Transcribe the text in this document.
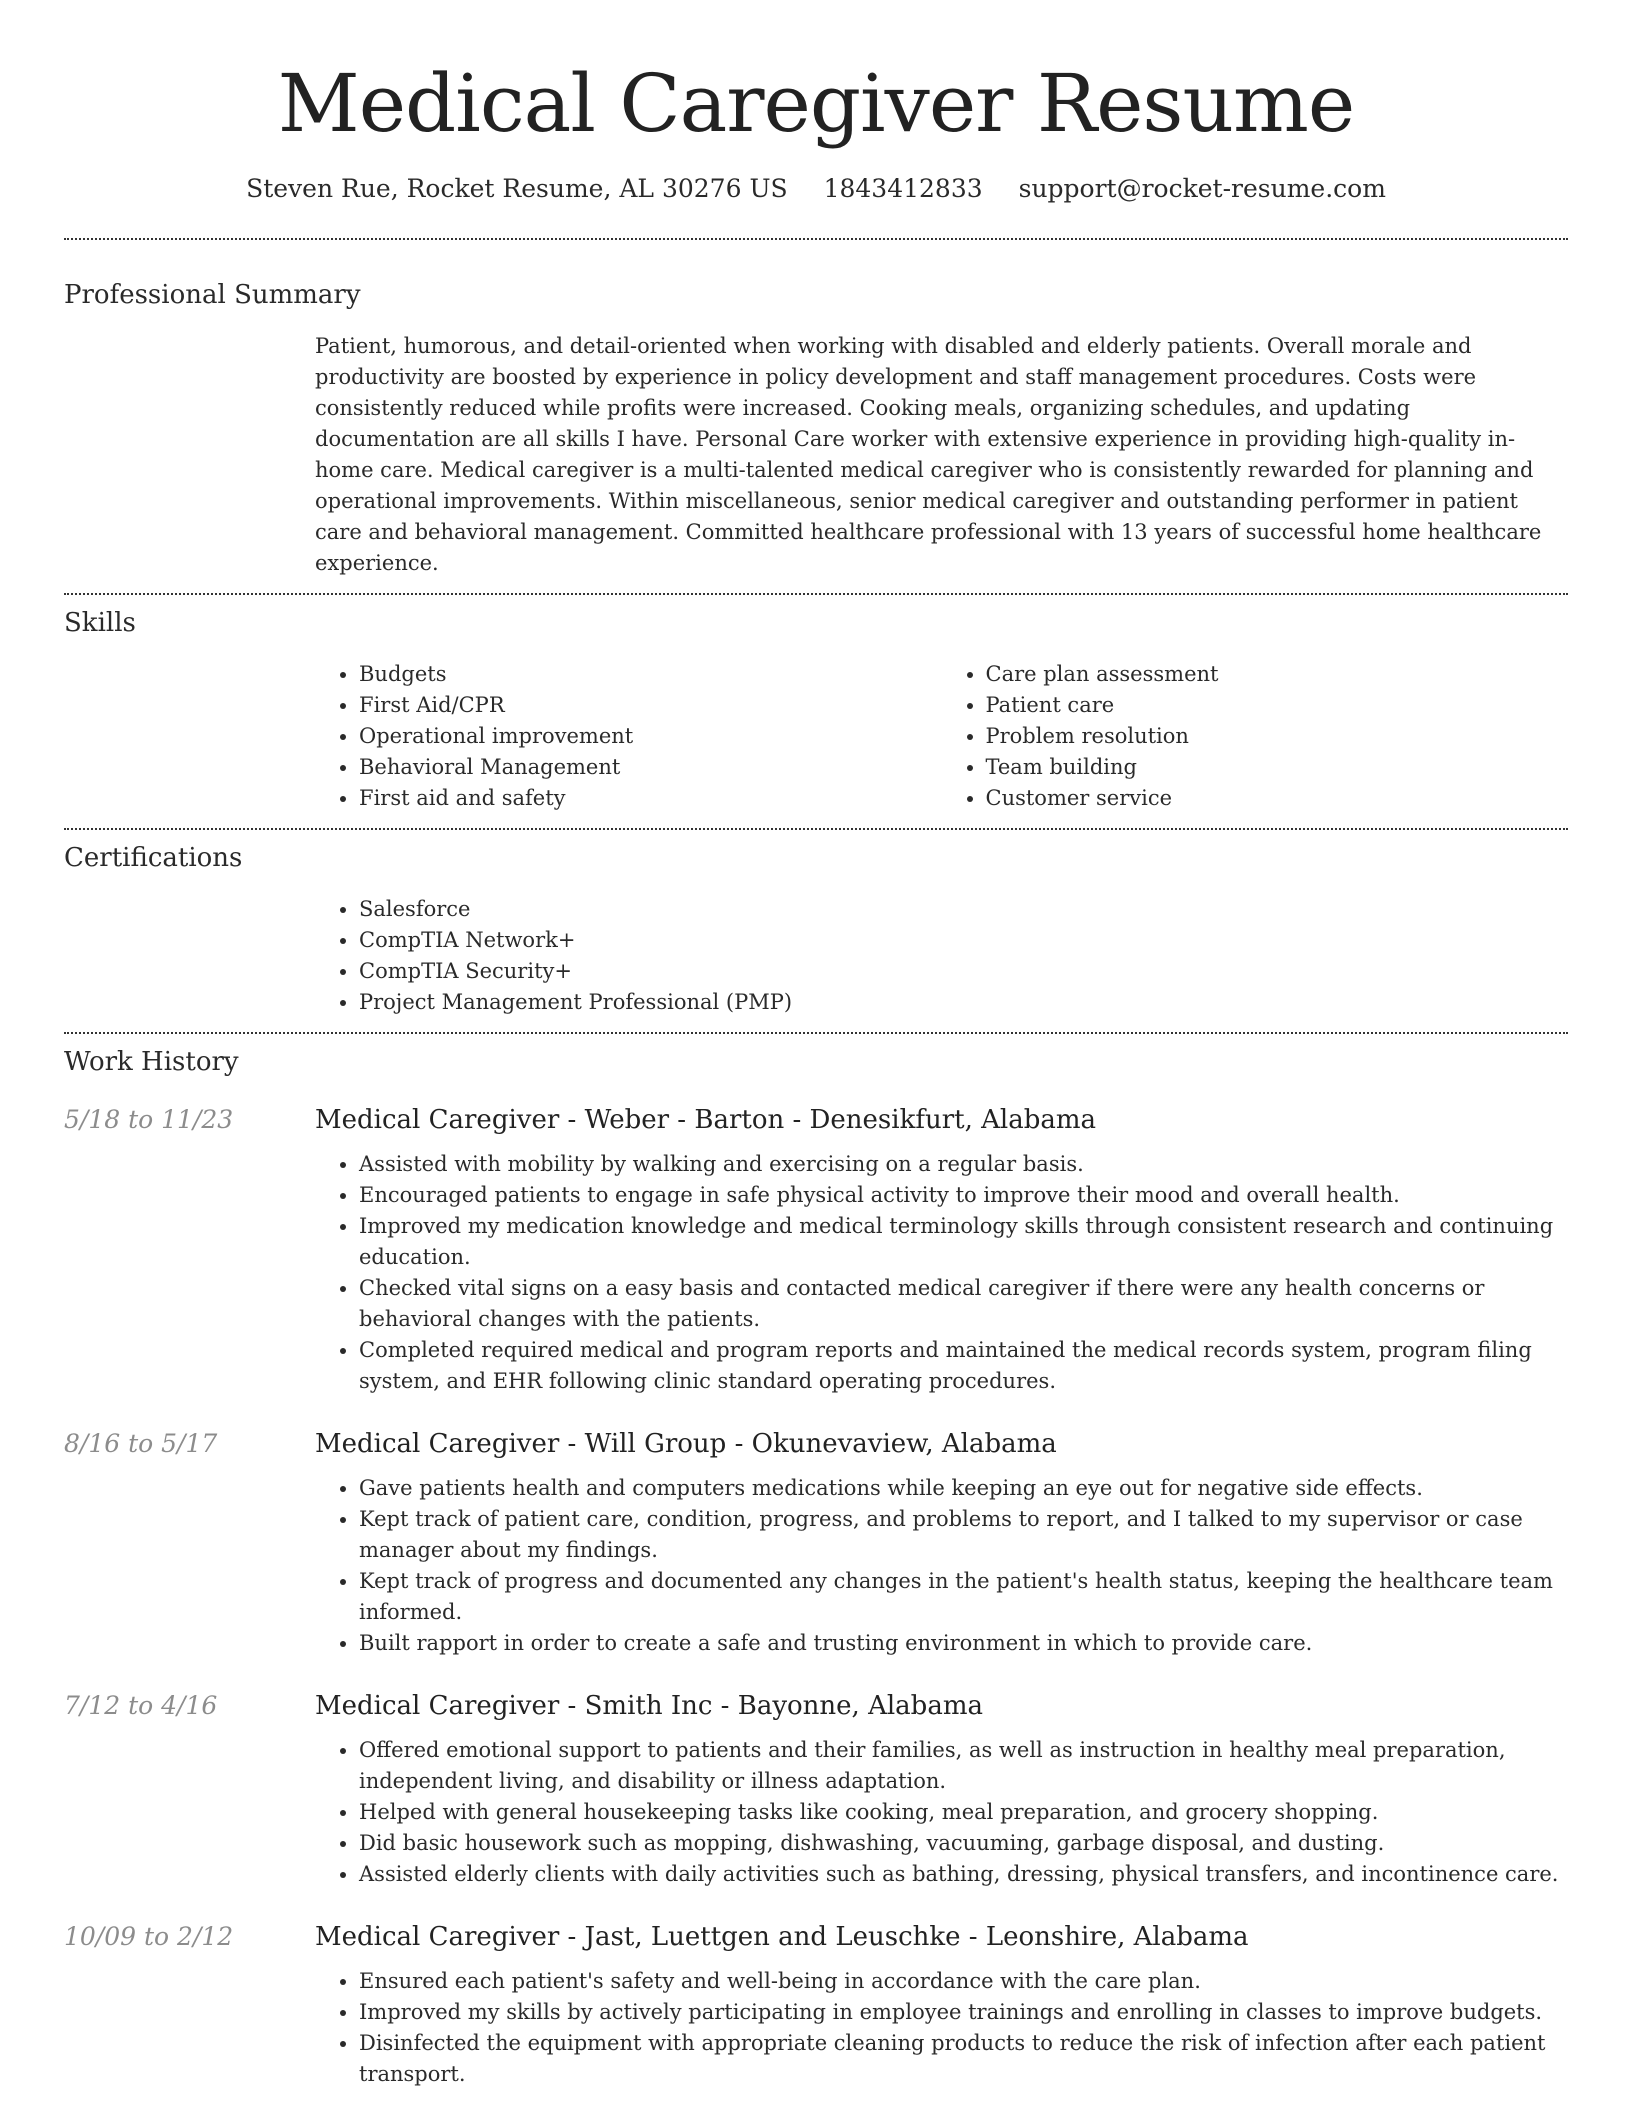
Medical Caregiver Resume
Steven Rue, Rocket Resume, AL 30276 US 1843412833 support@rocket-resume.com
Professional Summary

Patient, humorous, and detail-oriented when working with disabled and elderly patients. Overall morale and productivity are boosted by experience in policy development and staff management procedures. Costs were consistently reduced while profits were increased. Cooking meals, organizing schedules, and updating documentation are all skills I have. Personal Care worker with extensive experience in providing high-quality in-home care. Medical caregiver is a multi-talented medical caregiver who is consistently rewarded for planning and operational improvements. Within miscellaneous, senior medical caregiver and outstanding performer in patient care and behavioral management. Committed healthcare professional with 13 years of successful home healthcare experience.

Skills
• Budgets
• First Aid/CPR
• Operational improvement
• Behavioral Management
• First aid and safety
• Care plan assessment
• Patient care
• Problem resolution
• Team building
• Customer service
Certifications
• Salesforce
• CompTIA Network+
• CompTIA Security+
• Project Management Professional (PMP)
Work History
5/18 to 11/23	Medical Caregiver - Weber - Barton - Denesikfurt, Alabama
• Assisted with mobility by walking and exercising on a regular basis.
• Encouraged patients to engage in safe physical activity to improve their mood and overall health.
• Improved my medication knowledge and medical terminology skills through consistent research and continuing education.
• Checked vital signs on a easy basis and contacted medical caregiver if there were any health concerns or behavioral changes with the patients.
• Completed required medical and program reports and maintained the medical records system, program filing system, and EHR following clinic standard operating procedures.
8/16 to 5/17	Medical Caregiver - Will Group - Okunevaview, Alabama
• Gave patients health and computers medications while keeping an eye out for negative side effects.
• Kept track of patient care, condition, progress, and problems to report, and I talked to my supervisor or case manager about my findings.
• Kept track of progress and documented any changes in the patient's health status, keeping the healthcare team informed.
• Built rapport in order to create a safe and trusting environment in which to provide care.
7/12 to 4/16	Medical Caregiver - Smith Inc - Bayonne, Alabama
• Offered emotional support to patients and their families, as well as instruction in healthy meal preparation, independent living, and disability or illness adaptation.
• Helped with general housekeeping tasks like cooking, meal preparation, and grocery shopping.
• Did basic housework such as mopping, dishwashing, vacuuming, garbage disposal, and dusting.
• Assisted elderly clients with daily activities such as bathing, dressing, physical transfers, and incontinence care.
10/09 to 2/12	Medical Caregiver - Jast, Luettgen and Leuschke - Leonshire, Alabama
• Ensured each patient's safety and well-being in accordance with the care plan.
• Improved my skills by actively participating in employee trainings and enrolling in classes to improve budgets.
• Disinfected the equipment with appropriate cleaning products to reduce the risk of infection after each patient transport.
